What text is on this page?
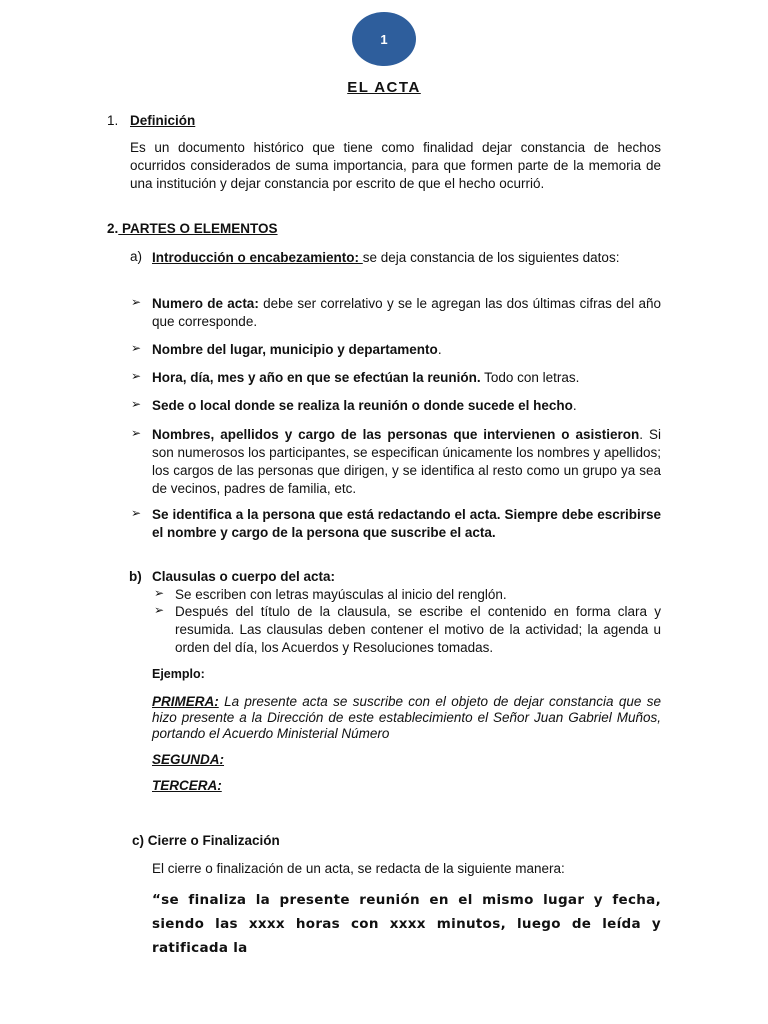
1
EL ACTA
1. Definición
Es un documento histórico que tiene como finalidad dejar constancia de hechos ocurridos considerados de suma importancia, para que formen parte de la memoria de una institución y dejar constancia por escrito de que el hecho ocurrió.
2. PARTES O ELEMENTOS
a) Introducción o encabezamiento: se deja constancia de los siguientes datos:
➢ Numero de acta: debe ser correlativo y se le agregan las dos últimas cifras del año que corresponde.
➢ Nombre del lugar, municipio y departamento.
➢ Hora, día, mes y año en que se efectúan la reunión. Todo con letras.
➢ Sede o local donde se realiza la reunión o donde sucede el hecho.
➢ Nombres, apellidos y cargo de las personas que intervienen o asistieron. Si son numerosos los participantes, se especifican únicamente los nombres y apellidos; los cargos de las personas que dirigen, y se identifica al resto como un grupo ya sea de vecinos, padres de familia, etc.
➢ Se identifica a la persona que está redactando el acta. Siempre debe escribirse el nombre y cargo de la persona que suscribe el acta.
b) Clausulas o cuerpo del acta:
➢ Se escriben con letras mayúsculas al inicio del renglón.
➢ Después del título de la clausula, se escribe el contenido en forma clara y resumida. Las clausulas deben contener el motivo de la actividad; la agenda u orden del día, los Acuerdos y Resoluciones tomadas.
Ejemplo:
PRIMERA: La presente acta se suscribe con el objeto de dejar constancia que se hizo presente a la Dirección de este establecimiento el Señor Juan Gabriel Muños, portando el Acuerdo Ministerial Número
SEGUNDA:
TERCERA:
c) Cierre o Finalización
El cierre o finalización de un acta, se redacta de la siguiente manera:
“se finaliza la presente reunión en el mismo lugar y fecha, siendo las xxxx horas con xxxx minutos, luego de leída y ratificada la
